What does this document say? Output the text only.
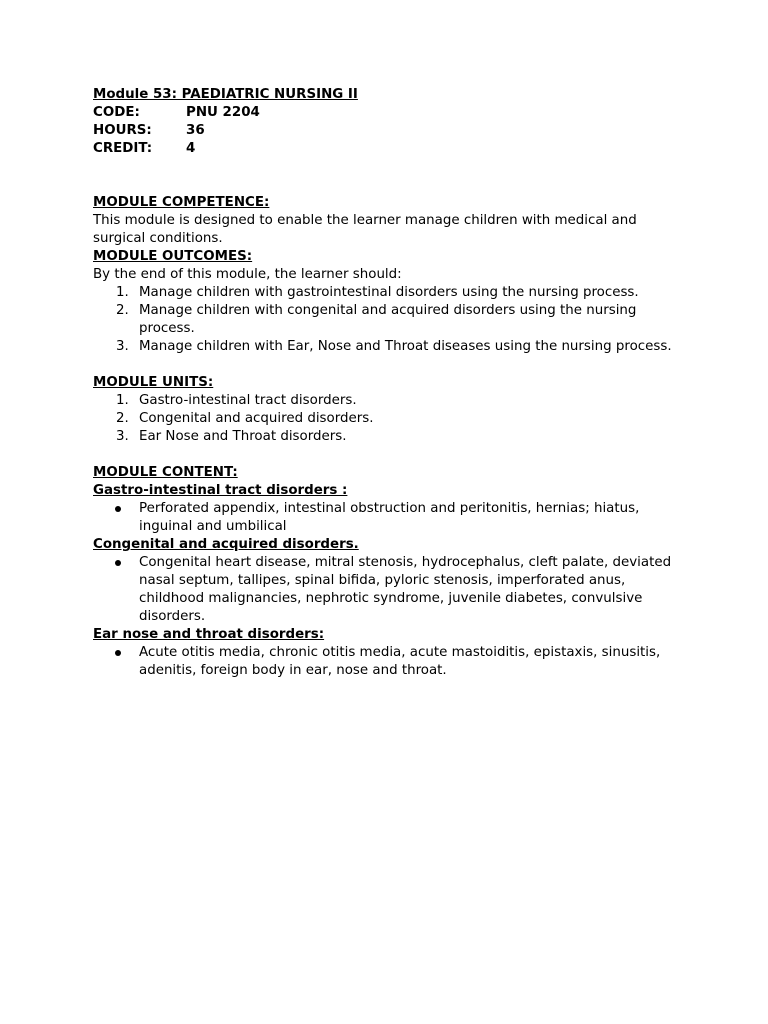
Module 53: PAEDIATRIC NURSING II
CODE:	PNU 2204
HOURS:	36
CREDIT:	4
MODULE COMPETENCE:
This module is designed to enable the learner manage children with medical and surgical conditions.
MODULE OUTCOMES:
By the end of this module, the learner should:
1. Manage children with gastrointestinal disorders using the nursing process.
2. Manage children with congenital and acquired disorders using the nursing process.
3. Manage children with Ear, Nose and Throat diseases using the nursing process.
MODULE UNITS:
1. Gastro-intestinal tract disorders.
2. Congenital and acquired disorders.
3. Ear Nose and Throat disorders.
MODULE CONTENT:
Gastro-intestinal tract disorders :
Perforated appendix, intestinal obstruction and peritonitis, hernias; hiatus, inguinal and umbilical
Congenital and acquired disorders.
Congenital heart disease, mitral stenosis, hydrocephalus, cleft palate, deviated nasal septum, tallipes, spinal bifida, pyloric stenosis, imperforated anus, childhood malignancies, nephrotic syndrome, juvenile diabetes, convulsive disorders.
Ear nose and throat disorders:
Acute otitis media, chronic otitis media, acute mastoiditis, epistaxis, sinusitis, adenitis, foreign body in ear, nose and throat.
